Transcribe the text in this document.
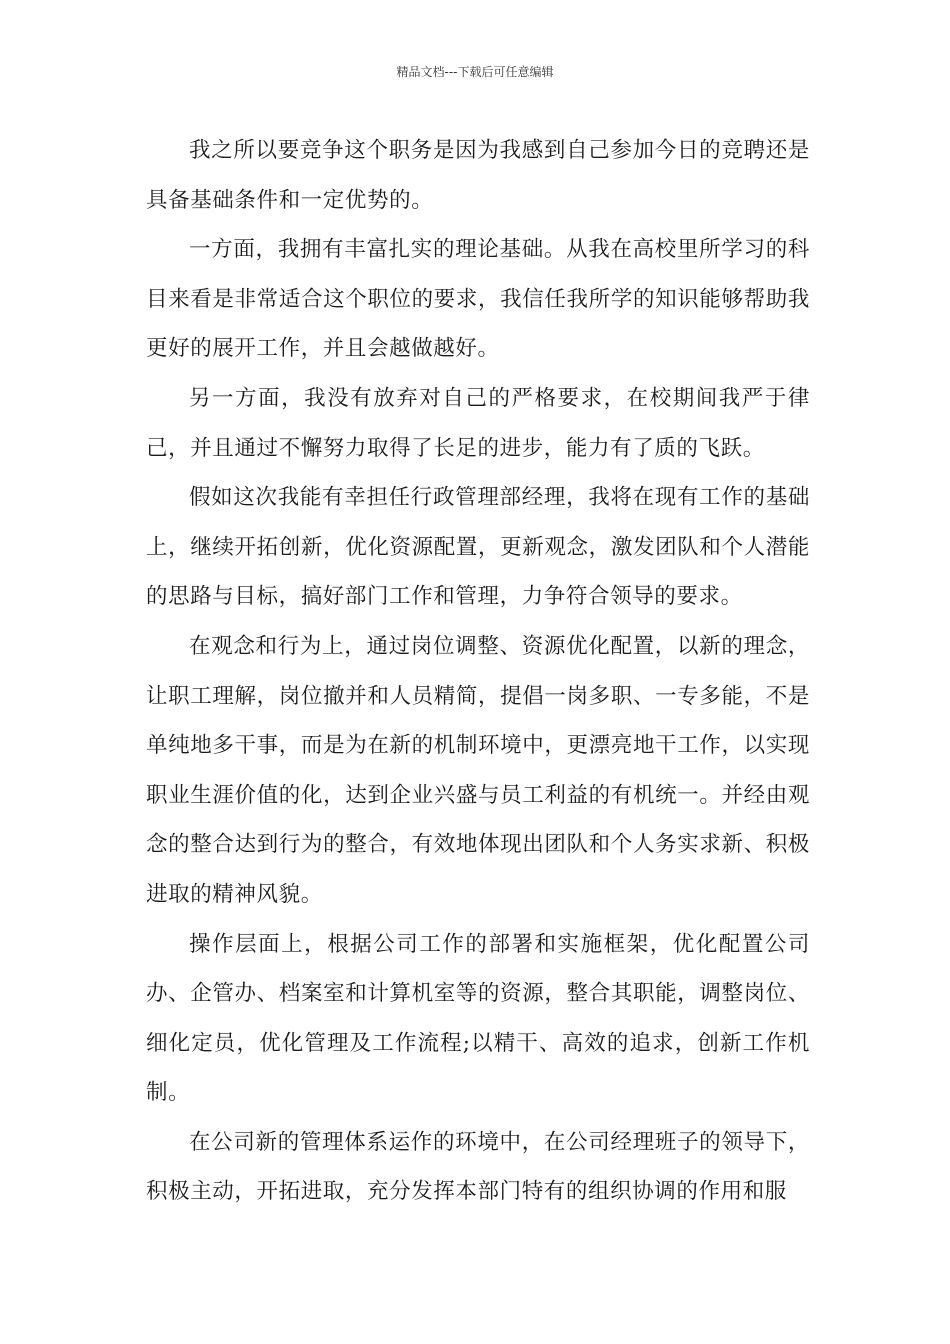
精品文档---下载后可任意编辑

我之所以要竞争这个职务是因为我感到自己参加今日的竞聘还是具备基础条件和一定优势的。

一方面，我拥有丰富扎实的理论基础。从我在高校里所学习的科目来看是非常适合这个职位的要求，我信任我所学的知识能够帮助我更好的展开工作，并且会越做越好。

另一方面，我没有放弃对自己的严格要求，在校期间我严于律己，并且通过不懈努力取得了长足的进步，能力有了质的飞跃。

假如这次我能有幸担任行政管理部经理，我将在现有工作的基础上，继续开拓创新，优化资源配置，更新观念，激发团队和个人潜能的思路与目标，搞好部门工作和管理，力争符合领导的要求。

在观念和行为上，通过岗位调整、资源优化配置，以新的理念，让职工理解，岗位撤并和人员精简，提倡一岗多职、一专多能，不是单纯地多干事，而是为在新的机制环境中，更漂亮地干工作，以实现职业生涯价值的化，达到企业兴盛与员工利益的有机统一。并经由观念的整合达到行为的整合，有效地体现出团队和个人务实求新、积极进取的精神风貌。

操作层面上，根据公司工作的部署和实施框架，优化配置公司办、企管办、档案室和计算机室等的资源，整合其职能，调整岗位、细化定员，优化管理及工作流程;以精干、高效的追求，创新工作机制。

在公司新的管理体系运作的环境中，在公司经理班子的领导下，积极主动，开拓进取，充分发挥本部门特有的组织协调的作用和服
